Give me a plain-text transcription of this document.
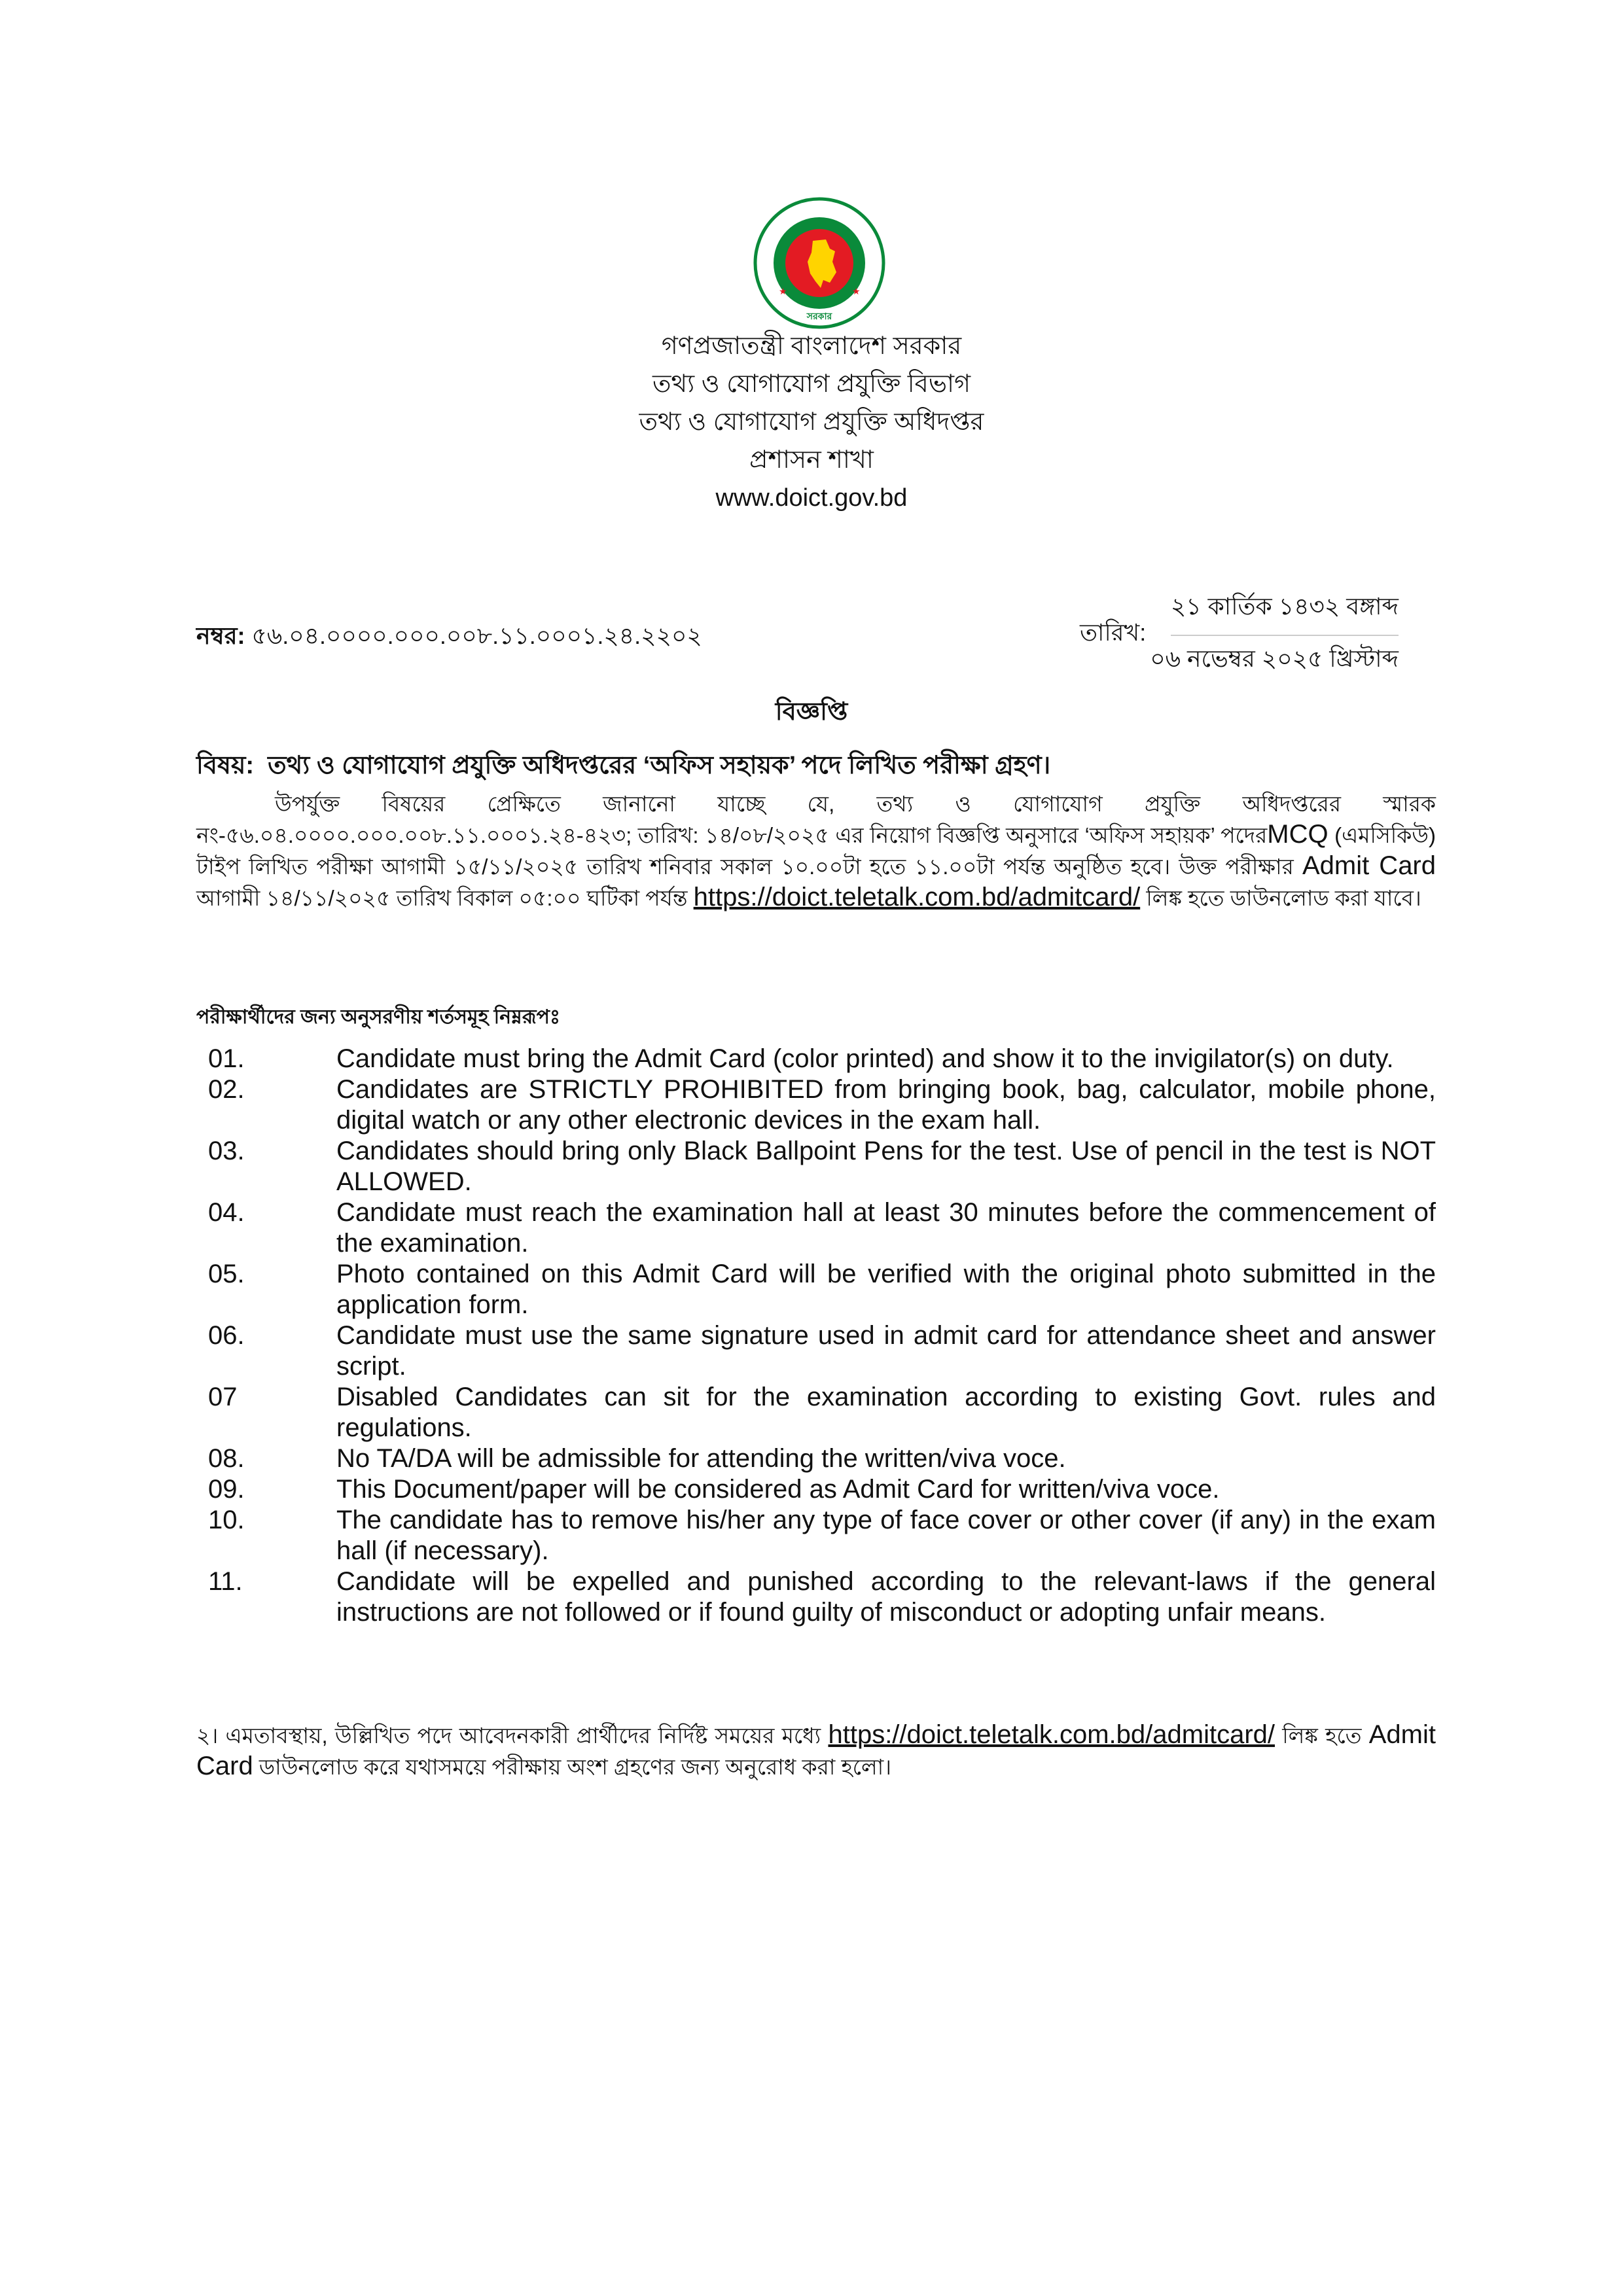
★	★
সরকার
গণপ্রজাতন্ত্রী বাংলাদেশ সরকার
তথ্য ও যোগাযোগ প্রযুক্তি বিভাগ
তথ্য ও যোগাযোগ প্রযুক্তি অধিদপ্তর
প্রশাসন শাখা
www.doict.gov.bd
নম্বর: ৫৬.০৪.০০০০.০০০.০০৮.১১.০০০১.২৪.২২০২	তারিখ:
২১ কার্তিক ১৪৩২ বঙ্গাব্দ
০৬ নভেম্বর ২০২৫ খ্রিস্টাব্দ
বিজ্ঞপ্তি
বিষয়: তথ্য ও যোগাযোগ প্রযুক্তি অধিদপ্তরের ‘অফিস সহায়ক’ পদে লিখিত পরীক্ষা গ্রহণ।
উপর্যুক্ত বিষয়ের প্রেক্ষিতে জানানো যাচ্ছে যে, তথ্য ও যোগাযোগ প্রযুক্তি অধিদপ্তরের স্মারক নং-৫৬.০৪.০০০০.০০০.০০৮.১১.০০০১.২৪-৪২৩; তারিখ: ১৪/০৮/২০২৫ এর নিয়োগ বিজ্ঞপ্তি অনুসারে ‘অফিস সহায়ক’ পদেরMCQ (এমসিকিউ) টাইপ লিখিত পরীক্ষা আগামী ১৫/১১/২০২৫ তারিখ শনিবার সকাল ১০.০০টা হতে ১১.০০টা পর্যন্ত অনুষ্ঠিত হবে। উক্ত পরীক্ষার Admit Card আগামী ১৪/১১/২০২৫ তারিখ বিকাল ০৫:০০ ঘটিকা পর্যন্ত https://doict.teletalk.com.bd/admitcard/ লিঙ্ক হতে ডাউনলোড করা যাবে।
পরীক্ষার্থীদের জন্য অনুসরণীয় শর্তসমূহ নিম্নরূপঃ
01.	Candidate must bring the Admit Card (color printed) and show it to the invigilator(s) on duty.
02.	Candidates are STRICTLY PROHIBITED from bringing book, bag, calculator, mobile phone, digital watch or any other electronic devices in the exam hall.
03.	Candidates should bring only Black Ballpoint Pens for the test. Use of pencil in the test is NOT ALLOWED.
04.	Candidate must reach the examination hall at least 30 minutes before the commencement of the examination.
05.	Photo contained on this Admit Card will be verified with the original photo submitted in the application form.
06.	Candidate must use the same signature used in admit card for attendance sheet and answer script.
07	Disabled Candidates can sit for the examination according to existing Govt. rules and regulations.
08.	No TA/DA will be admissible for attending the written/viva voce.
09.	This Document/paper will be considered as Admit Card for written/viva voce.
10.	The candidate has to remove his/her any type of face cover or other cover (if any) in the exam hall (if necessary).
11.	Candidate will be expelled and punished according to the relevant-laws if the general instructions are not followed or if found guilty of misconduct or adopting unfair means.
২। এমতাবস্থায়, উল্লিখিত পদে আবেদনকারী প্রার্থীদের নির্দিষ্ট সময়ের মধ্যে https://doict.teletalk.com.bd/admitcard/ লিঙ্ক হতে Admit Card ডাউনলোড করে যথাসময়ে পরীক্ষায় অংশ গ্রহণের জন্য অনুরোধ করা হলো।
